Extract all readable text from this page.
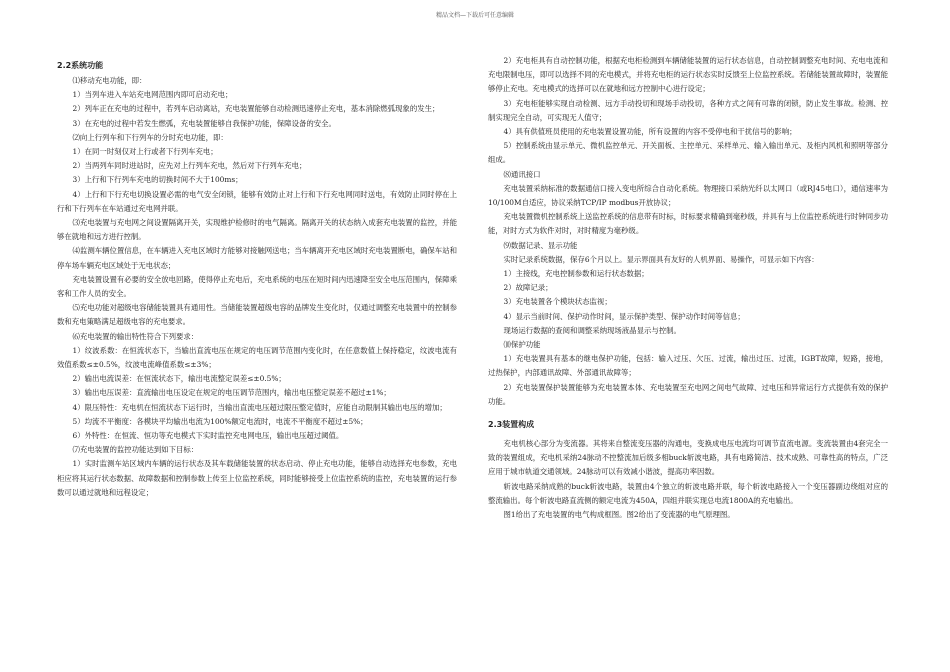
精品文档—下载后可任意编辑
2.2系统功能

⑴移动充电功能，即：

1）当列车进入车站充电网范围内即可启动充电；

2）列车正在充电的过程中，若列车启动离站，充电装置能够自动检测迅速停止充电，基本消除燃弧现象的发生；

3）在充电的过程中若发生燃弧，充电装置能够自我保护功能，保障设备的安全。

⑵向上行列车和下行列车的分时充电功能，即：

1）在同一时刻仅对上行或者下行列车充电；

2）当两列车同时进站时，应先对上行列车充电，然后对下行列车充电；

3）上行和下行列车充电的切换时间不大于100ms；

4）上行和下行充电切换设置必需的电气安全闭锁，能够有效防止对上行和下行充电网同时送电，有效防止同时停在上行和下行列车在车站通过充电网并联。

⑶充电装置与充电网之间设置隔离开关，实现维护检修时的电气隔离。隔离开关的状态纳入成套充电装置的监控，并能够在就地和远方进行控制。

⑷监测车辆位置信息，在车辆进入充电区域时方能够对接触网送电；当车辆离开充电区域时充电装置断电，确保车站和停车场车辆充电区域处于无电状态；

充电装置设置有必要的安全放电回路，使得停止充电后，充电系统的电压在短时间内迅速降至安全电压范围内，保障乘客和工作人员的安全。

⑸充电功能对超级电容储能装置具有通用性。当储能装置超级电容的品牌发生变化时，仅通过调整充电装置中的控制参数和充电策略满足超级电容的充电要求。

⑹充电装置的输出特性符合下列要求：

1）纹波系数：在恒流状态下，当输出直流电压在规定的电压调节范围内变化时，在任意数值上保持稳定，纹波电流有效值系数≤±0.5%，纹波电流峰值系数≤±3%；

2）输出电流误差：在恒流状态下，输出电流整定误差≤±0.5%；

3）输出电压误差：直流输出电压设定在规定的电压调节范围内，输出电压整定误差不超过±1%；

4）限压特性：充电机在恒流状态下运行时，当输出直流电压超过限压整定值时，应能自动限制其输出电压的增加；

5）均流不平衡度：各模块平均输出电流为100%额定电流时，电流不平衡度不超过±5%；

6）外特性：在恒流、恒功等充电模式下实时监控充电网电压，输出电压超过阈值。

⑺充电装置的监控功能达到如下目标：

1）实时监测车站区域内车辆的运行状态及其车载储能装置的状态启动、停止充电功能，能够自动选择充电参数，充电柜应将其运行状态数据、故障数据和控制参数上传至上位监控系统，同时能够接受上位监控系统的监控，充电装置的运行参数可以通过就地和远程设定；

2）充电柜具有自动控制功能，根据充电柜检测到车辆储能装置的运行状态信息，自动控制调整充电时间、充电电流和充电限制电压，即可以选择不同的充电模式，并将充电柜的运行状态实时反馈至上位监控系统。若储能装置故障时，装置能够停止充电。充电模式的选择可以在就地和远方控制中心进行设定；

3）充电柜能够实现自动检测、远方手动投切和现场手动投切，各种方式之间有可靠的闭锁，防止发生事故。检测、控制实现完全自动，可实现无人值守；

4）具有供值班员使用的充电装置设置功能，所有设置的内容不受停电和干扰信号的影响；

5）控制系统由显示单元、微机监控单元、开关面板、主控单元、采样单元、输入输出单元、及柜内风机和照明等部分组成。

⑻通讯接口

充电装置采纳标准的数据通信口接入变电所综合自动化系统。物理接口采纳光纤以太网口（或RJ45电口），通信速率为10/100M自适应，协议采纳TCP/IP modbus开放协议；

充电装置微机控制系统上送监控系统的信息带有时标，时标要求精确到毫秒级，并具有与上位监控系统进行时钟同步功能，对时方式为软件对时，对时精度为毫秒级。

⑼数据记录、显示功能

实时记录系统数据，保存6个月以上。显示界面具有友好的人机界面、易操作，可显示如下内容：

1）主接线，充电控制参数和运行状态数据；

2）故障记录；

3）充电装置各个模块状态监视；

4）显示当前时间、保护动作时间，显示保护类型、保护动作时间等信息；

现场运行数据的查阅和调整采纳现场液晶显示与控制。

⑽保护功能

1）充电装置具有基本的继电保护功能，包括：输入过压、欠压、过流，输出过压、过流，IGBT故障，短路，接地，过热保护，内部通讯故障、外部通讯故障等；

2）充电装置保护装置能够为充电装置本体、充电装置至充电网之间电气故障、过电压和异常运行方式提供有效的保护功能。

2.3装置构成

充电机核心部分为变流器。其将来自整流变压器的沟通电，变换成电压电流均可调节直流电源。变流装置由4套完全一致的装置组成，充电机采纳24脉动不控整流加后级多相buck斩波电路，具有电路简洁、技术成熟、可靠性高的特点，广泛应用于城市轨道交通领域。24脉动可以有效减小谐波，提高功率因数。

斩波电路采纳成熟的buck斩波电路，装置由4个独立的斩波电路并联，每个斩波电路接入一个变压器副边绕组对应的整流输出。每个斩波电路直流侧的额定电流为450A，四组并联实现总电流1800A的充电输出。

图1给出了充电装置的电气构成框图。图2给出了变流器的电气原理图。
